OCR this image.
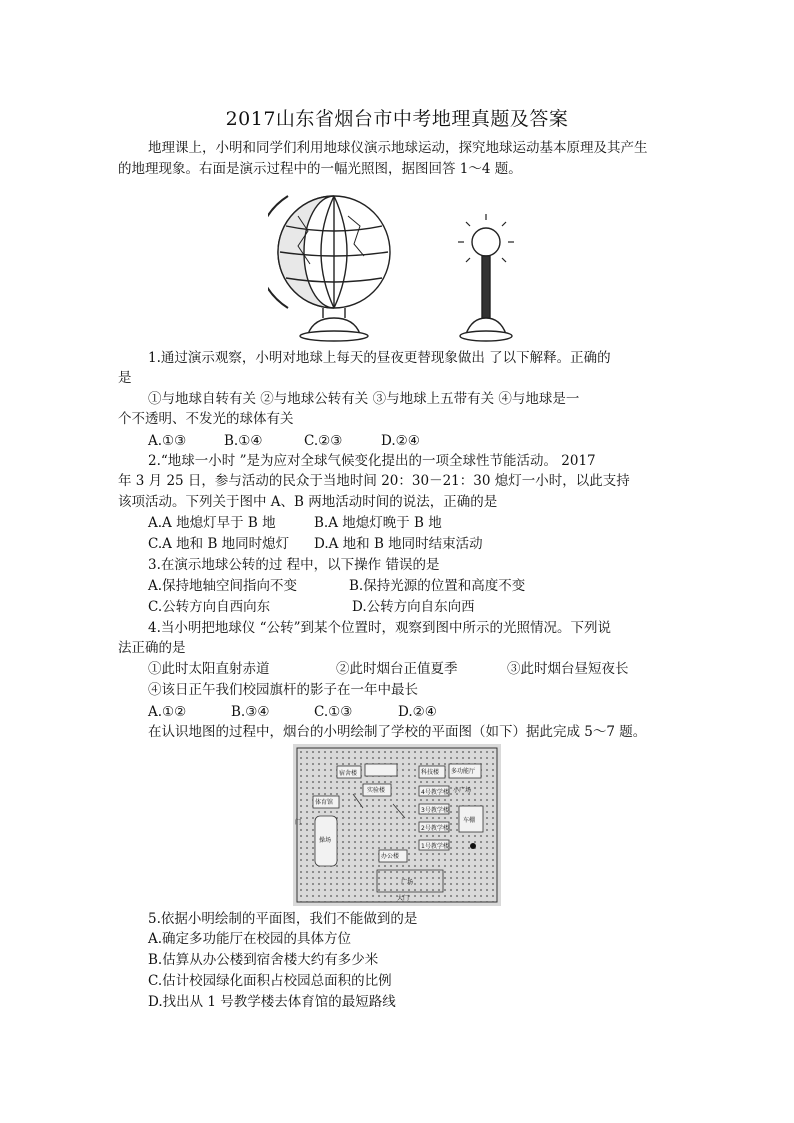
2017山东省烟台市中考地理真题及答案
地理课上，小明和同学们利用地球仪演示地球运动，探究地球运动基本原理及其产生
的地理现象。右面是演示过程中的一幅光照图，据图回答 1～4 题。
1.通过演示观察，小明对地球上每天的昼夜更替现象做出 了以下解释。正确的
是
①与地球自转有关 ②与地球公转有关 ③与地球上五带有关 ④与地球是一
个不透明、不发光的球体有关
A.①③	B.①④	C.②③	D.②④
2.“地球一小时 ”是为应对全球气候变化提出的一项全球性节能活动。 2017
年 3 月 25 日，参与活动的民众于当地时间 20：30－21：30 熄灯一小时，以此支持
该项活动。下列关于图中 A、B 两地活动时间的说法，正确的是
A.A 地熄灯早于 B 地	B.A 地熄灯晚于 B 地
C.A 地和 B 地同时熄灯 D.A 地和 B 地同时结束活动
3.在演示地球公转的过 程中，以下操作 错误的是
A.保持地轴空间指向不变	B.保持光源的位置和高度不变
C.公转方向自西向东	D.公转方向自东向西
4.当小明把地球仪 “公转”到某个位置时，观察到图中所示的光照情况。下列说
法正确的是
①此时太阳直射赤道	②此时烟台正值夏季	③此时烟台昼短夜长
④该日正午我们校园旗杆的影子在一年中最长
A.①②	B.③④	C.①③	D.②④
在认识地图的过程中，烟台的小明绘制了学校的平面图（如下）据此完成 5～7 题。
宿舍楼
实验楼
体育馆
操场
办公楼
广场
科技楼 多功能厅
小广场
1号教学楼
2号教学楼
3号教学楼
4号教学楼
车棚
门
大门
5.依据小明绘制的平面图，我们不能做到的是
A.确定多功能厅在校园的具体方位
B.估算从办公楼到宿舍楼大约有多少米
C.估计校园绿化面积占校园总面积的比例
D.找出从 1 号教学楼去体育馆的最短路线
